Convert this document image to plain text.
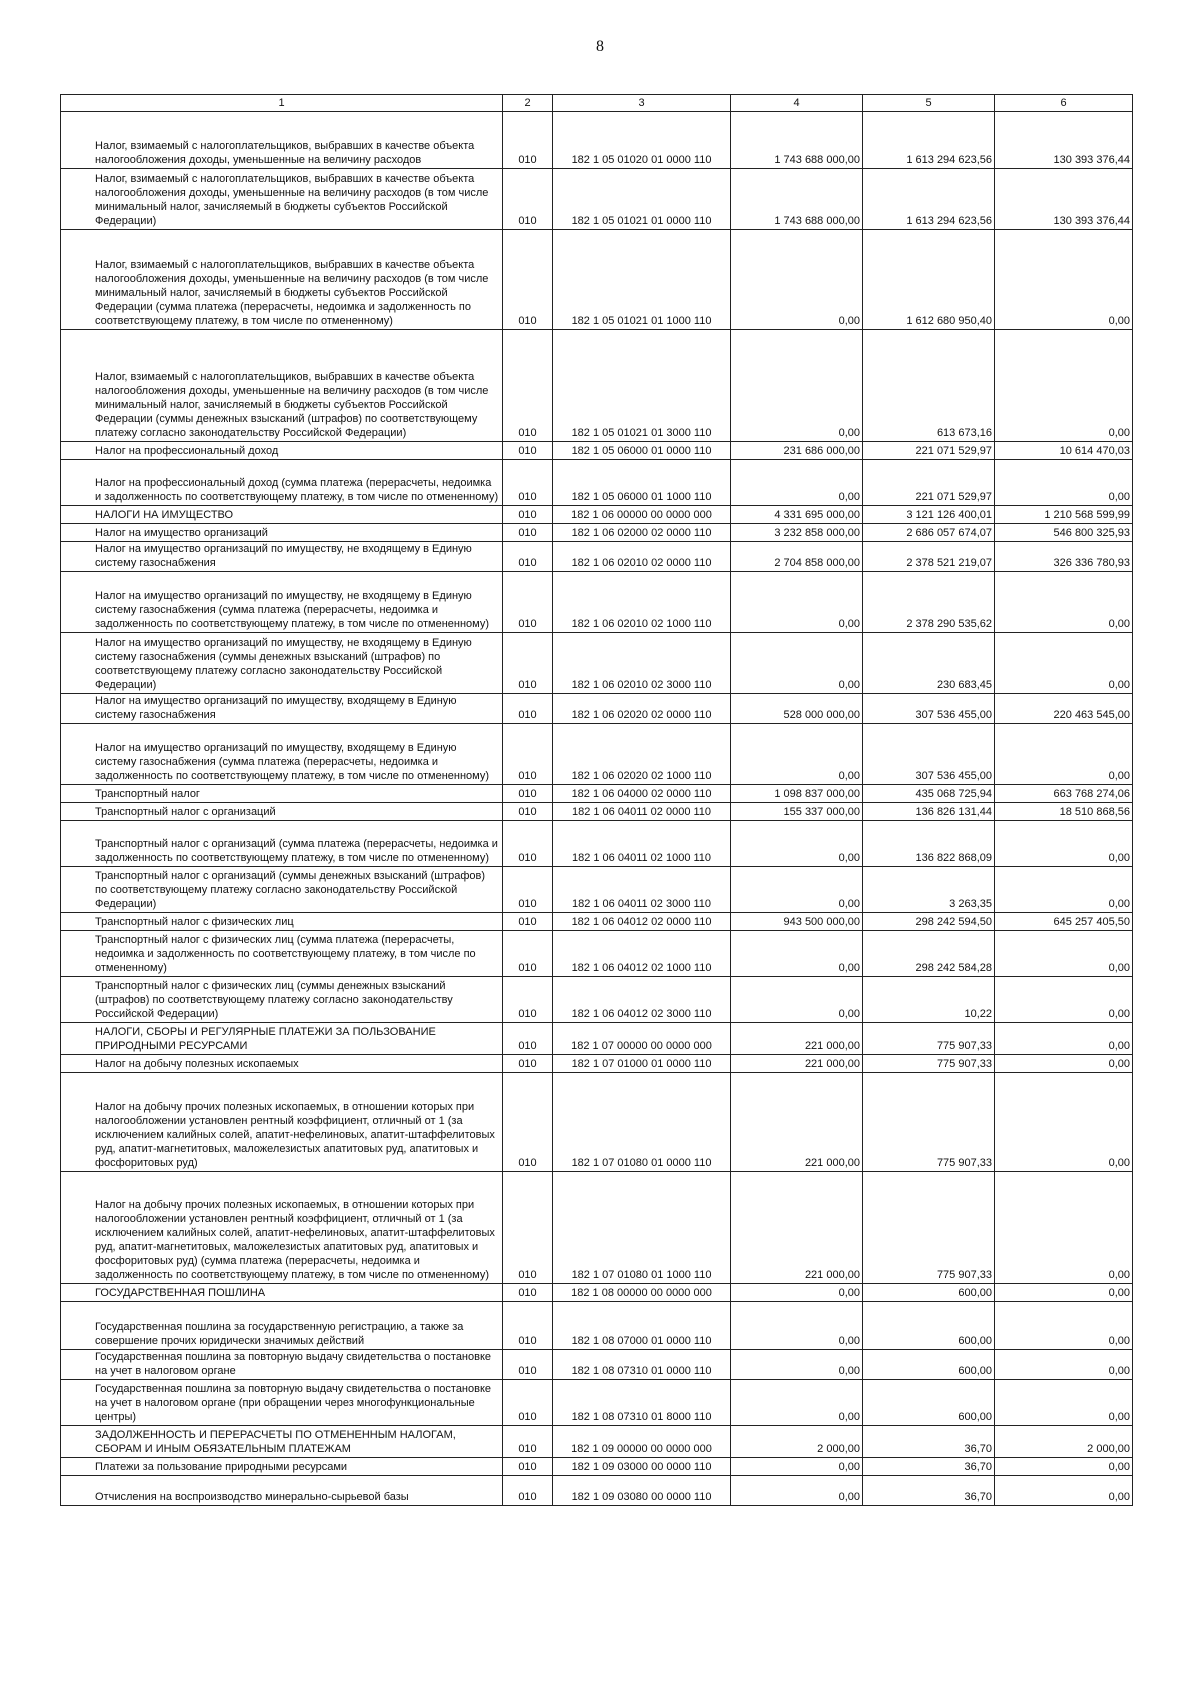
8
1	2	3	4	5	6
Налог, взимаемый с налогоплательщиков, выбравших в качестве объекта налогообложения доходы, уменьшенные на величину расходов	010	182 1 05 01020 01 0000 110	1 743 688 000,00	1 613 294 623,56	130 393 376,44
Налог, взимаемый с налогоплательщиков, выбравших в качестве объекта налогообложения доходы, уменьшенные на величину расходов (в том числе минимальный налог, зачисляемый в бюджеты субъектов Российской Федерации)	010	182 1 05 01021 01 0000 110	1 743 688 000,00	1 613 294 623,56	130 393 376,44
Налог, взимаемый с налогоплательщиков, выбравших в качестве объекта налогообложения доходы, уменьшенные на величину расходов (в том числе минимальный налог, зачисляемый в бюджеты субъектов Российской Федерации (сумма платежа (перерасчеты, недоимка и задолженность по соответствующему платежу, в том числе по отмененному)	010	182 1 05 01021 01 1000 110	0,00	1 612 680 950,40	0,00
Налог, взимаемый с налогоплательщиков, выбравших в качестве объекта налогообложения доходы, уменьшенные на величину расходов (в том числе минимальный налог, зачисляемый в бюджеты субъектов Российской Федерации (суммы денежных взысканий (штрафов) по соответствующему платежу согласно законодательству Российской Федерации)	010	182 1 05 01021 01 3000 110	0,00	613 673,16	0,00
Налог на профессиональный доход	010	182 1 05 06000 01 0000 110	231 686 000,00	221 071 529,97	10 614 470,03
Налог на профессиональный доход (сумма платежа (перерасчеты, недоимка и задолженность по соответствующему платежу, в том числе по отмененному)	010	182 1 05 06000 01 1000 110	0,00	221 071 529,97	0,00
НАЛОГИ НА ИМУЩЕСТВО	010	182 1 06 00000 00 0000 000	4 331 695 000,00	3 121 126 400,01	1 210 568 599,99
Налог на имущество организаций	010	182 1 06 02000 02 0000 110	3 232 858 000,00	2 686 057 674,07	546 800 325,93
Налог на имущество организаций по имуществу, не входящему в Единую систему газоснабжения	010	182 1 06 02010 02 0000 110	2 704 858 000,00	2 378 521 219,07	326 336 780,93
Налог на имущество организаций по имуществу, не входящему в Единую систему газоснабжения (сумма платежа (перерасчеты, недоимка и задолженность по соответствующему платежу, в том числе по отмененному)	010	182 1 06 02010 02 1000 110	0,00	2 378 290 535,62	0,00
Налог на имущество организаций по имуществу, не входящему в Единую систему газоснабжения (суммы денежных взысканий (штрафов) по соответствующему платежу согласно законодательству Российской Федерации)	010	182 1 06 02010 02 3000 110	0,00	230 683,45	0,00
Налог на имущество организаций по имуществу, входящему в Единую систему газоснабжения	010	182 1 06 02020 02 0000 110	528 000 000,00	307 536 455,00	220 463 545,00
Налог на имущество организаций по имуществу, входящему в Единую систему газоснабжения (сумма платежа (перерасчеты, недоимка и задолженность по соответствующему платежу, в том числе по отмененному)	010	182 1 06 02020 02 1000 110	0,00	307 536 455,00	0,00
Транспортный налог	010	182 1 06 04000 02 0000 110	1 098 837 000,00	435 068 725,94	663 768 274,06
Транспортный налог с организаций	010	182 1 06 04011 02 0000 110	155 337 000,00	136 826 131,44	18 510 868,56
Транспортный налог с организаций (сумма платежа (перерасчеты, недоимка и задолженность по соответствующему платежу, в том числе по отмененному)	010	182 1 06 04011 02 1000 110	0,00	136 822 868,09	0,00
Транспортный налог с организаций (суммы денежных взысканий (штрафов) по соответствующему платежу согласно законодательству Российской Федерации)	010	182 1 06 04011 02 3000 110	0,00	3 263,35	0,00
Транспортный налог с физических лиц	010	182 1 06 04012 02 0000 110	943 500 000,00	298 242 594,50	645 257 405,50
Транспортный налог с физических лиц (сумма платежа (перерасчеты, недоимка и задолженность по соответствующему платежу, в том числе по отмененному)	010	182 1 06 04012 02 1000 110	0,00	298 242 584,28	0,00
Транспортный налог с физических лиц (суммы денежных взысканий (штрафов) по соответствующему платежу согласно законодательству Российской Федерации)	010	182 1 06 04012 02 3000 110	0,00	10,22	0,00
НАЛОГИ, СБОРЫ И РЕГУЛЯРНЫЕ ПЛАТЕЖИ ЗА ПОЛЬЗОВАНИЕ ПРИРОДНЫМИ РЕСУРСАМИ	010	182 1 07 00000 00 0000 000	221 000,00	775 907,33	0,00
Налог на добычу полезных ископаемых	010	182 1 07 01000 01 0000 110	221 000,00	775 907,33	0,00
Налог на добычу прочих полезных ископаемых, в отношении которых при налогообложении установлен рентный коэффициент, отличный от 1 (за исключением калийных солей, апатит-нефелиновых, апатит-штаффелитовых руд, апатит-магнетитовых, маложелезистых апатитовых руд, апатитовых и фосфоритовых руд)	010	182 1 07 01080 01 0000 110	221 000,00	775 907,33	0,00
Налог на добычу прочих полезных ископаемых, в отношении которых при налогообложении установлен рентный коэффициент, отличный от 1 (за исключением калийных солей, апатит-нефелиновых, апатит-штаффелитовых руд, апатит-магнетитовых, маложелезистых апатитовых руд, апатитовых и фосфоритовых руд) (сумма платежа (перерасчеты, недоимка и задолженность по соответствующему платежу, в том числе по отмененному)	010	182 1 07 01080 01 1000 110	221 000,00	775 907,33	0,00
ГОСУДАРСТВЕННАЯ ПОШЛИНА	010	182 1 08 00000 00 0000 000	0,00	600,00	0,00
Государственная пошлина за государственную регистрацию, а также за совершение прочих юридически значимых действий	010	182 1 08 07000 01 0000 110	0,00	600,00	0,00
Государственная пошлина за повторную выдачу свидетельства о постановке на учет в налоговом органе	010	182 1 08 07310 01 0000 110	0,00	600,00	0,00
Государственная пошлина за повторную выдачу свидетельства о постановке на учет в налоговом органе (при обращении через многофункциональные центры)	010	182 1 08 07310 01 8000 110	0,00	600,00	0,00
ЗАДОЛЖЕННОСТЬ И ПЕРЕРАСЧЕТЫ ПО ОТМЕНЕННЫМ НАЛОГАМ, СБОРАМ И ИНЫМ ОБЯЗАТЕЛЬНЫМ ПЛАТЕЖАМ	010	182 1 09 00000 00 0000 000	2 000,00	36,70	2 000,00
Платежи за пользование природными ресурсами	010	182 1 09 03000 00 0000 110	0,00	36,70	0,00
Отчисления на воспроизводство минерально-сырьевой базы	010	182 1 09 03080 00 0000 110	0,00	36,70	0,00
